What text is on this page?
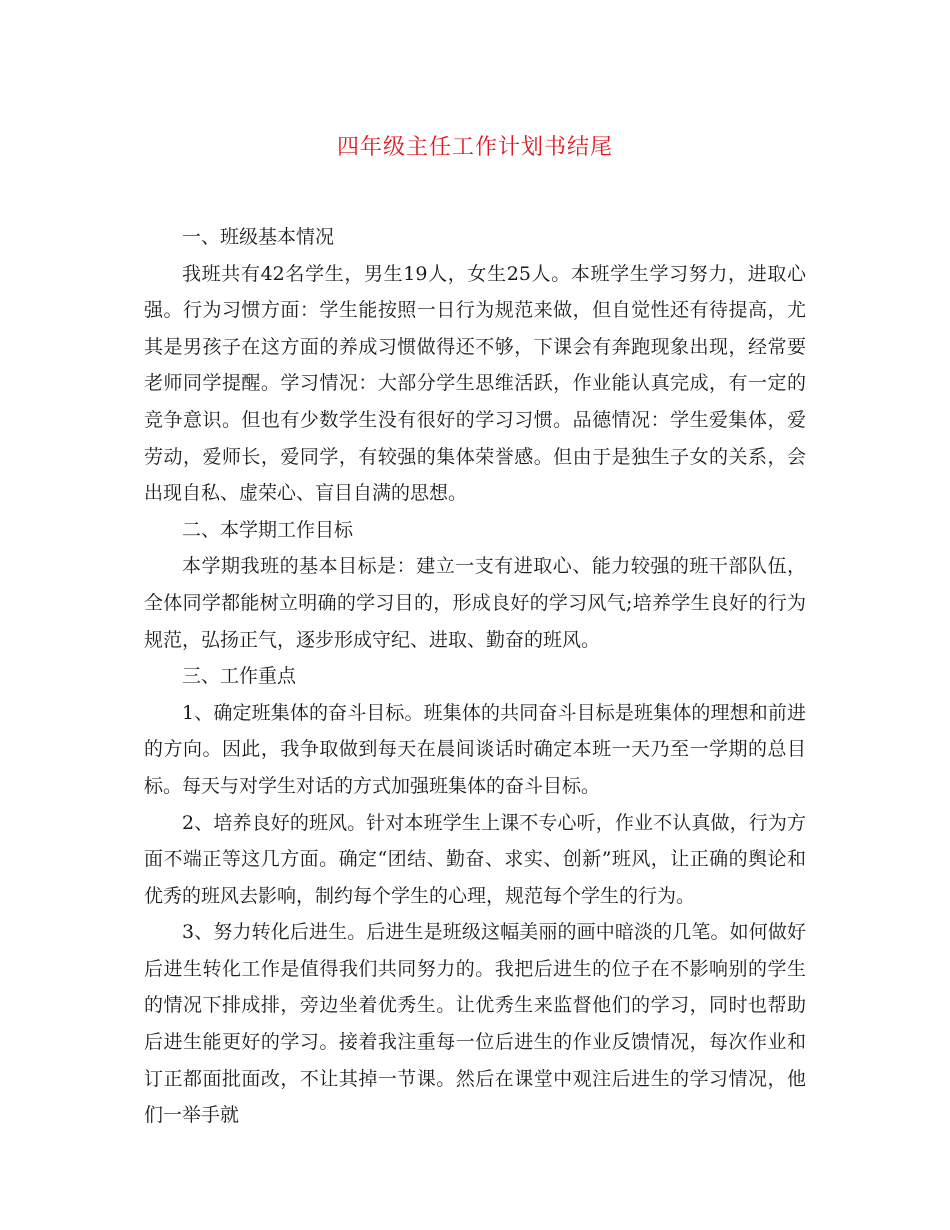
四年级主任工作计划书结尾

一、班级基本情况

我班共有42名学生，男生19人，女生25人。本班学生学习努力，进取心强。行为习惯方面：学生能按照一日行为规范来做，但自觉性还有待提高，尤其是男孩子在这方面的养成习惯做得还不够，下课会有奔跑现象出现，经常要老师同学提醒。学习情况：大部分学生思维活跃，作业能认真完成，有一定的竞争意识。但也有少数学生没有很好的学习习惯。品德情况：学生爱集体，爱劳动，爱师长，爱同学，有较强的集体荣誉感。但由于是独生子女的关系，会出现自私、虚荣心、盲目自满的思想。

二、本学期工作目标

本学期我班的基本目标是：建立一支有进取心、能力较强的班干部队伍，全体同学都能树立明确的学习目的，形成良好的学习风气;培养学生良好的行为规范，弘扬正气，逐步形成守纪、进取、勤奋的班风。

三、工作重点

1、确定班集体的奋斗目标。班集体的共同奋斗目标是班集体的理想和前进的方向。因此，我争取做到每天在晨间谈话时确定本班一天乃至一学期的总目标。每天与对学生对话的方式加强班集体的奋斗目标。

2、培养良好的班风。针对本班学生上课不专心听，作业不认真做，行为方面不端正等这几方面。确定“团结、勤奋、求实、创新”班风，让正确的舆论和优秀的班风去影响，制约每个学生的心理，规范每个学生的行为。

3、努力转化后进生。后进生是班级这幅美丽的画中暗淡的几笔。如何做好后进生转化工作是值得我们共同努力的。我把后进生的位子在不影响别的学生的情况下排成排，旁边坐着优秀生。让优秀生来监督他们的学习，同时也帮助后进生能更好的学习。接着我注重每一位后进生的作业反馈情况，每次作业和订正都面批面改，不让其掉一节课。然后在课堂中观注后进生的学习情况，他们一举手就
